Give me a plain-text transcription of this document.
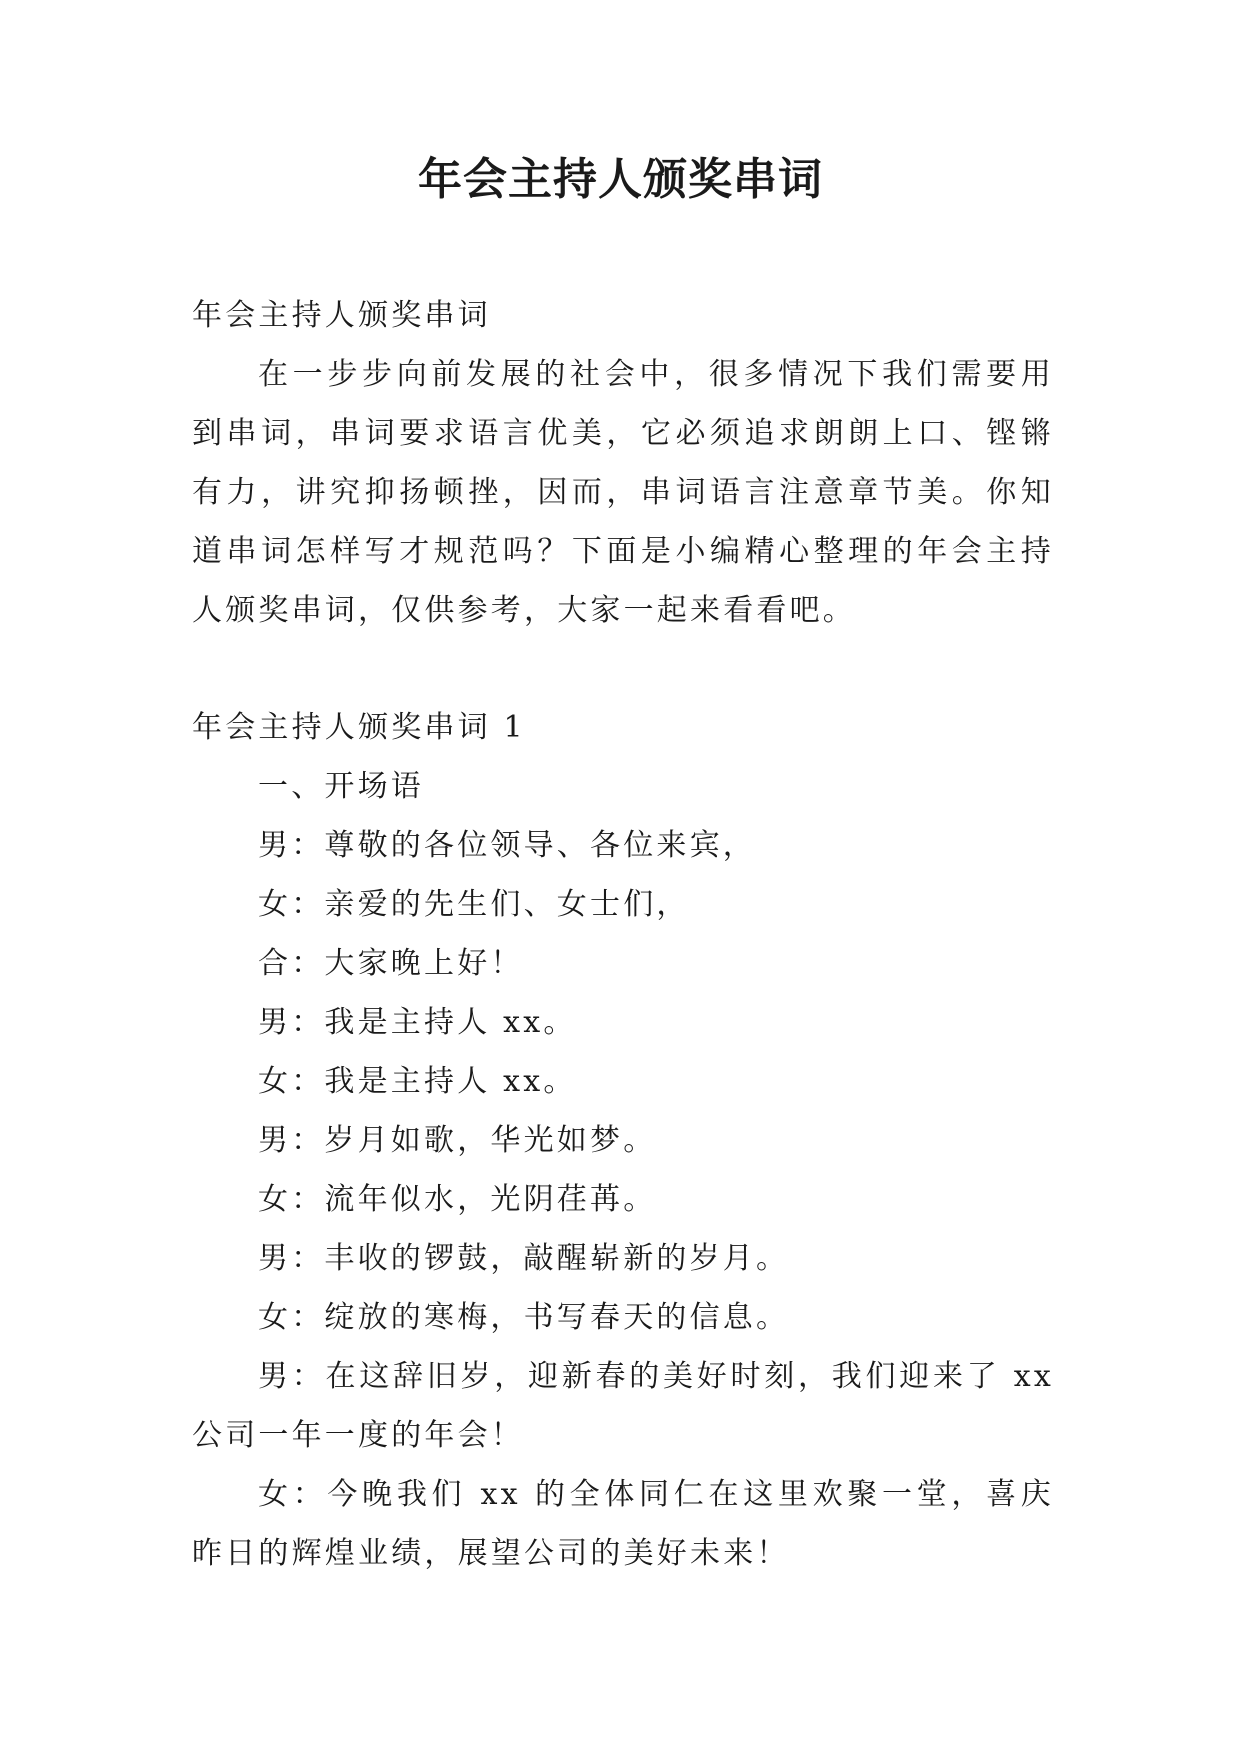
年会主持人颁奖串词

年会主持人颁奖串词

在一步步向前发展的社会中，很多情况下我们需要用到串词，串词要求语言优美，它必须追求朗朗上口、铿锵有力，讲究抑扬顿挫，因而，串词语言注意章节美。你知道串词怎样写才规范吗？下面是小编精心整理的年会主持人颁奖串词，仅供参考，大家一起来看看吧。

年会主持人颁奖串词 1

一、开场语

男：尊敬的各位领导、各位来宾，

女：亲爱的先生们、女士们，

合：大家晚上好！

男：我是主持人 xx。

女：我是主持人 xx。

男：岁月如歌，华光如梦。

女：流年似水，光阴荏苒。

男：丰收的锣鼓，敲醒崭新的岁月。

女：绽放的寒梅，书写春天的信息。

男：在这辞旧岁，迎新春的美好时刻，我们迎来了 xx 公司一年一度的年会！

女：今晚我们 xx 的全体同仁在这里欢聚一堂，喜庆昨日的辉煌业绩，展望公司的美好未来！
